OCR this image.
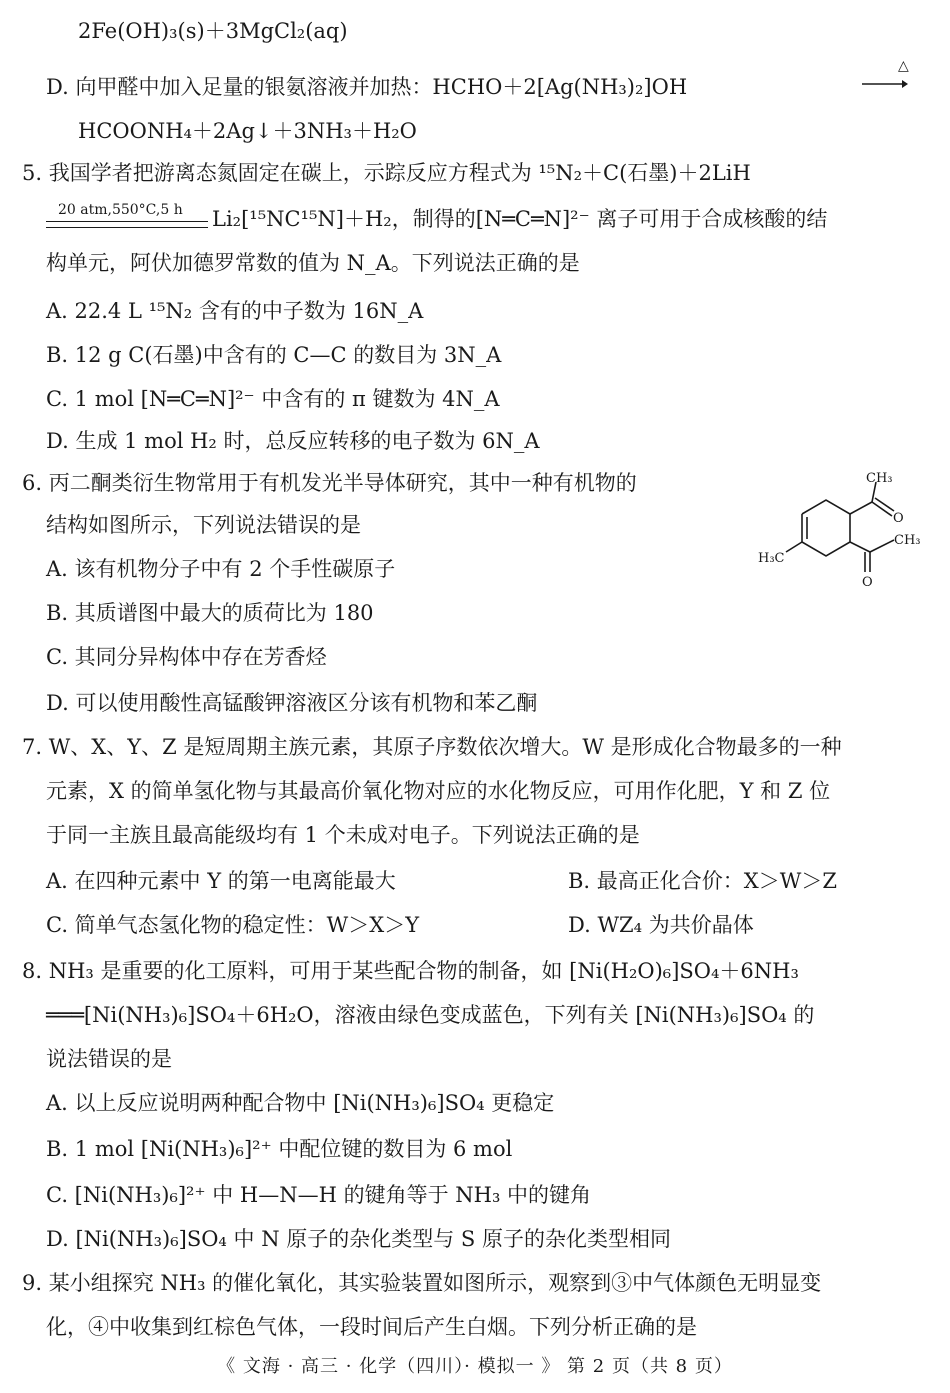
2Fe(OH)₃(s)＋3MgCl₂(aq)
D. 向甲醛中加入足量的银氨溶液并加热：HCHO＋2[Ag(NH₃)₂]OH
△
HCOONH₄＋2Ag↓＋3NH₃＋H₂O
5. 我国学者把游离态氮固定在碳上，示踪反应方程式为 ¹⁵N₂＋C(石墨)＋2LiH
20 atm,550°C,5 h Li₂[¹⁵NC¹⁵N]＋H₂，制得的[N═C═N]²⁻ 离子可用于合成核酸的结
构单元，阿伏加德罗常数的值为 N_A。下列说法正确的是
A. 22.4 L ¹⁵N₂ 含有的中子数为 16N_A
B. 12 g C(石墨)中含有的 C—C 的数目为 3N_A
C. 1 mol [N═C═N]²⁻ 中含有的 π 键数为 4N_A
D. 生成 1 mol H₂ 时，总反应转移的电子数为 6N_A
6. 丙二酮类衍生物常用于有机发光半导体研究，其中一种有机物的
结构如图所示，下列说法错误的是
A. 该有机物分子中有 2 个手性碳原子
B. 其质谱图中最大的质荷比为 180
C. 其同分异构体中存在芳香烃
D. 可以使用酸性高锰酸钾溶液区分该有机物和苯乙酮
CH₃
CH₃
H₃C
O
O
7. W、X、Y、Z 是短周期主族元素，其原子序数依次增大。W 是形成化合物最多的一种
元素，X 的简单氢化物与其最高价氧化物对应的水化物反应，可用作化肥，Y 和 Z 位
于同一主族且最高能级均有 1 个未成对电子。下列说法正确的是
A. 在四种元素中 Y 的第一电离能最大	B. 最高正化合价：X＞W＞Z
C. 简单气态氢化物的稳定性：W＞X＞Y	D. WZ₄ 为共价晶体
8. NH₃ 是重要的化工原料，可用于某些配合物的制备，如 [Ni(H₂O)₆]SO₄＋6NH₃
═══[Ni(NH₃)₆]SO₄＋6H₂O，溶液由绿色变成蓝色，下列有关 [Ni(NH₃)₆]SO₄ 的
说法错误的是
A. 以上反应说明两种配合物中 [Ni(NH₃)₆]SO₄ 更稳定
B. 1 mol [Ni(NH₃)₆]²⁺ 中配位键的数目为 6 mol
C. [Ni(NH₃)₆]²⁺ 中 H—N—H 的键角等于 NH₃ 中的键角
D. [Ni(NH₃)₆]SO₄ 中 N 原子的杂化类型与 S 原子的杂化类型相同
9. 某小组探究 NH₃ 的催化氧化，其实验装置如图所示，观察到③中气体颜色无明显变
化，④中收集到红棕色气体，一段时间后产生白烟。下列分析正确的是
《 文海 · 高三 · 化学（四川）· 模拟一 》 第 2 页（共 8 页）
